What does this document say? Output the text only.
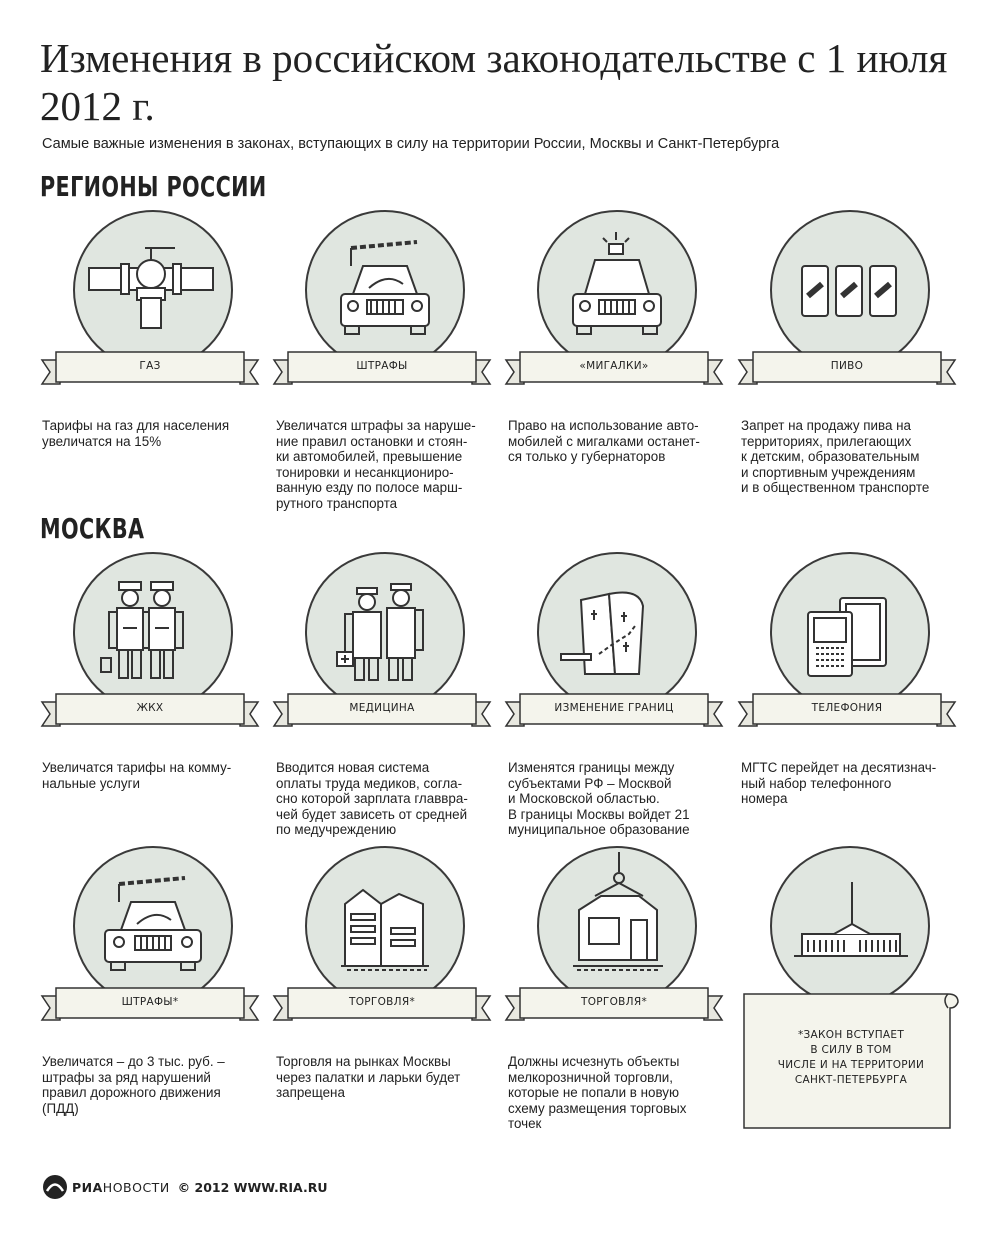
Изменения в российском законодательстве с 1 июля 2012 г.
Самые важные изменения в законах, вступающих в силу на территории России, Москвы и Санкт-Петербурга
РЕГИОНЫ РОССИИ
МОСКВА
ГАЗ	ШТРАФЫ	«МИГАЛКИ»	ПИВО
Тарифы на газ для населения
увеличатся на 15%
Увеличатся штрафы за наруше-
ние правил остановки и стоян-
ки автомобилей, превышение
тонировки и несанкциониро-
ванную езду по полосе марш-
рутного транспорта
Право на использование авто-
мобилей с мигалками останет-
ся только у губернаторов
Запрет на продажу пива на
территориях, прилегающих
к детским, образовательным
и спортивным учреждениям
и в общественном транспорте
ЖКХ	МЕДИЦИНА	ИЗМЕНЕНИЕ ГРАНИЦ	ТЕЛЕФОНИЯ
Увеличатся тарифы на комму-
нальные услуги
Вводится новая система
оплаты труда медиков, согла-
сно которой зарплата главвра-
чей будет зависеть от средней
по медучреждению
Изменятся границы между
субъектами РФ – Москвой
и Московской областью.
В границы Москвы войдет 21
муниципальное образование
МГТС перейдет на десятизнач-
ный набор телефонного
номера
ШТРАФЫ*	ТОРГОВЛЯ*	ТОРГОВЛЯ*
*ЗАКОН ВСТУПАЕТ
В СИЛУ В ТОМ
ЧИСЛЕ И НА ТЕРРИТОРИИ
САНКТ-ПЕТЕРБУРГА
Увеличатся – до 3 тыс. руб. –
штрафы за ряд нарушений
правил дорожного движения
(ПДД)
Торговля на рынках Москвы
через палатки и ларьки будет
запрещена
Должны исчезнуть объекты
мелкорозничной торговли,
которые не попали в новую
схему размещения торговых
точек
РИАНОВОСТИ © 2012 WWW.RIA.RU
